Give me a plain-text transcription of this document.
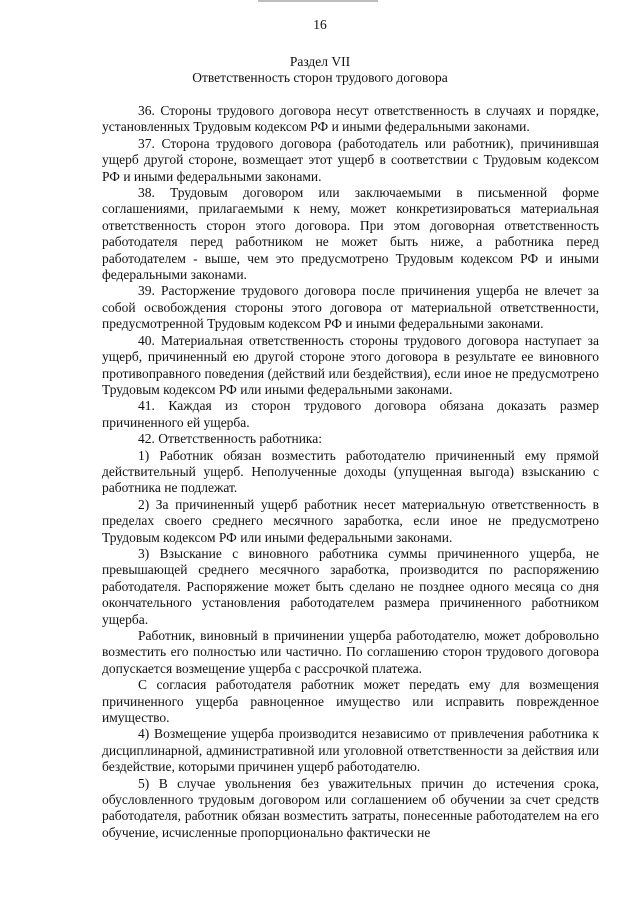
16
Раздел VII
Ответственность сторон трудового договора

36. Стороны трудового договора несут ответственность в случаях и порядке, установленных Трудовым кодексом РФ и иными федеральными законами.

37. Сторона трудового договора (работодатель или работник), причинившая ущерб другой стороне, возмещает этот ущерб в соответствии с Трудовым кодексом РФ и иными федеральными законами.

38. Трудовым договором или заключаемыми в письменной форме соглашениями, прилагаемыми к нему, может конкретизироваться материальная ответственность сторон этого договора. При этом договорная ответственность работодателя перед работником не может быть ниже, а работника перед работодателем - выше, чем это предусмотрено Трудовым кодексом РФ и иными федеральными законами.

39. Расторжение трудового договора после причинения ущерба не влечет за собой освобождения стороны этого договора от материальной ответственности, предусмотренной Трудовым кодексом РФ и иными федеральными законами.

40. Материальная ответственность стороны трудового договора наступает за ущерб, причиненный ею другой стороне этого договора в результате ее виновного противоправного поведения (действий или бездействия), если иное не предусмотрено Трудовым кодексом РФ или иными федеральными законами.

41. Каждая из сторон трудового договора обязана доказать размер причиненного ей ущерба.

42. Ответственность работника:

1) Работник обязан возместить работодателю причиненный ему прямой действительный ущерб. Неполученные доходы (упущенная выгода) взысканию с работника не подлежат.

2) За причиненный ущерб работник несет материальную ответственность в пределах своего среднего месячного заработка, если иное не предусмотрено Трудовым кодексом РФ или иными федеральными законами.

3) Взыскание с виновного работника суммы причиненного ущерба, не превышающей среднего месячного заработка, производится по распоряжению работодателя. Распоряжение может быть сделано не позднее одного месяца со дня окончательного установления работодателем размера причиненного работником ущерба.

Работник, виновный в причинении ущерба работодателю, может добровольно возместить его полностью или частично. По соглашению сторон трудового договора допускается возмещение ущерба с рассрочкой платежа.

С согласия работодателя работник может передать ему для возмещения причиненного ущерба равноценное имущество или исправить поврежденное имущество.

4) Возмещение ущерба производится независимо от привлечения работника к дисциплинарной, административной или уголовной ответственности за действия или бездействие, которыми причинен ущерб работодателю.

5) В случае увольнения без уважительных причин до истечения срока, обусловленного трудовым договором или соглашением об обучении за счет средств работодателя, работник обязан возместить затраты, понесенные работодателем на его обучение, исчисленные пропорционально фактически не
